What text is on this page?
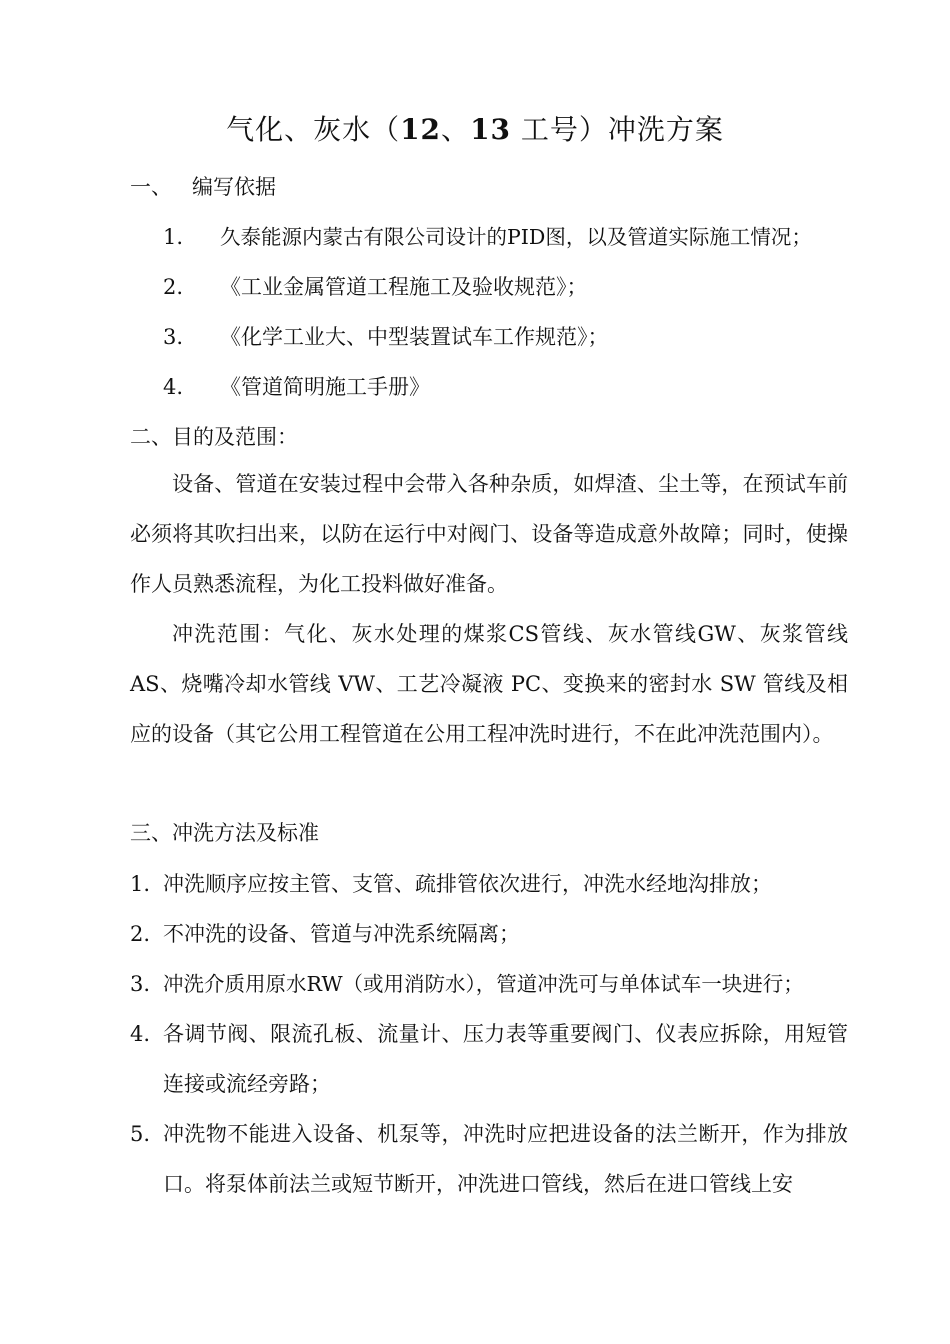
气化、灰水（12、13 工号）冲洗方案
一、   编写依据
1. 久泰能源内蒙古有限公司设计的PID图，以及管道实际施工情况；
2. 《工业金属管道工程施工及验收规范》；
3. 《化学工业大、中型装置试车工作规范》；
4. 《管道简明施工手册》
二、目的及范围：

设备、管道在安装过程中会带入各种杂质，如焊渣、尘土等，在预试车前必须将其吹扫出来，以防在运行中对阀门、设备等造成意外故障；同时，使操作人员熟悉流程，为化工投料做好准备。

冲洗范围：气化、灰水处理的煤浆CS管线、灰水管线GW、灰浆管线AS、烧嘴冷却水管线 VW、工艺冷凝液 PC、变换来的密封水 SW 管线及相应的设备（其它公用工程管道在公用工程冲洗时进行，不在此冲洗范围内）。

三、冲洗方法及标准
1. 冲洗顺序应按主管、支管、疏排管依次进行，冲洗水经地沟排放；
2. 不冲洗的设备、管道与冲洗系统隔离；
3. 冲洗介质用原水RW（或用消防水），管道冲洗可与单体试车一块进行；
4. 各调节阀、限流孔板、流量计、压力表等重要阀门、仪表应拆除，用短管连接或流经旁路；
5. 冲洗物不能进入设备、机泵等，冲洗时应把进设备的法兰断开，作为排放口。将泵体前法兰或短节断开，冲洗进口管线，然后在进口管线上安
